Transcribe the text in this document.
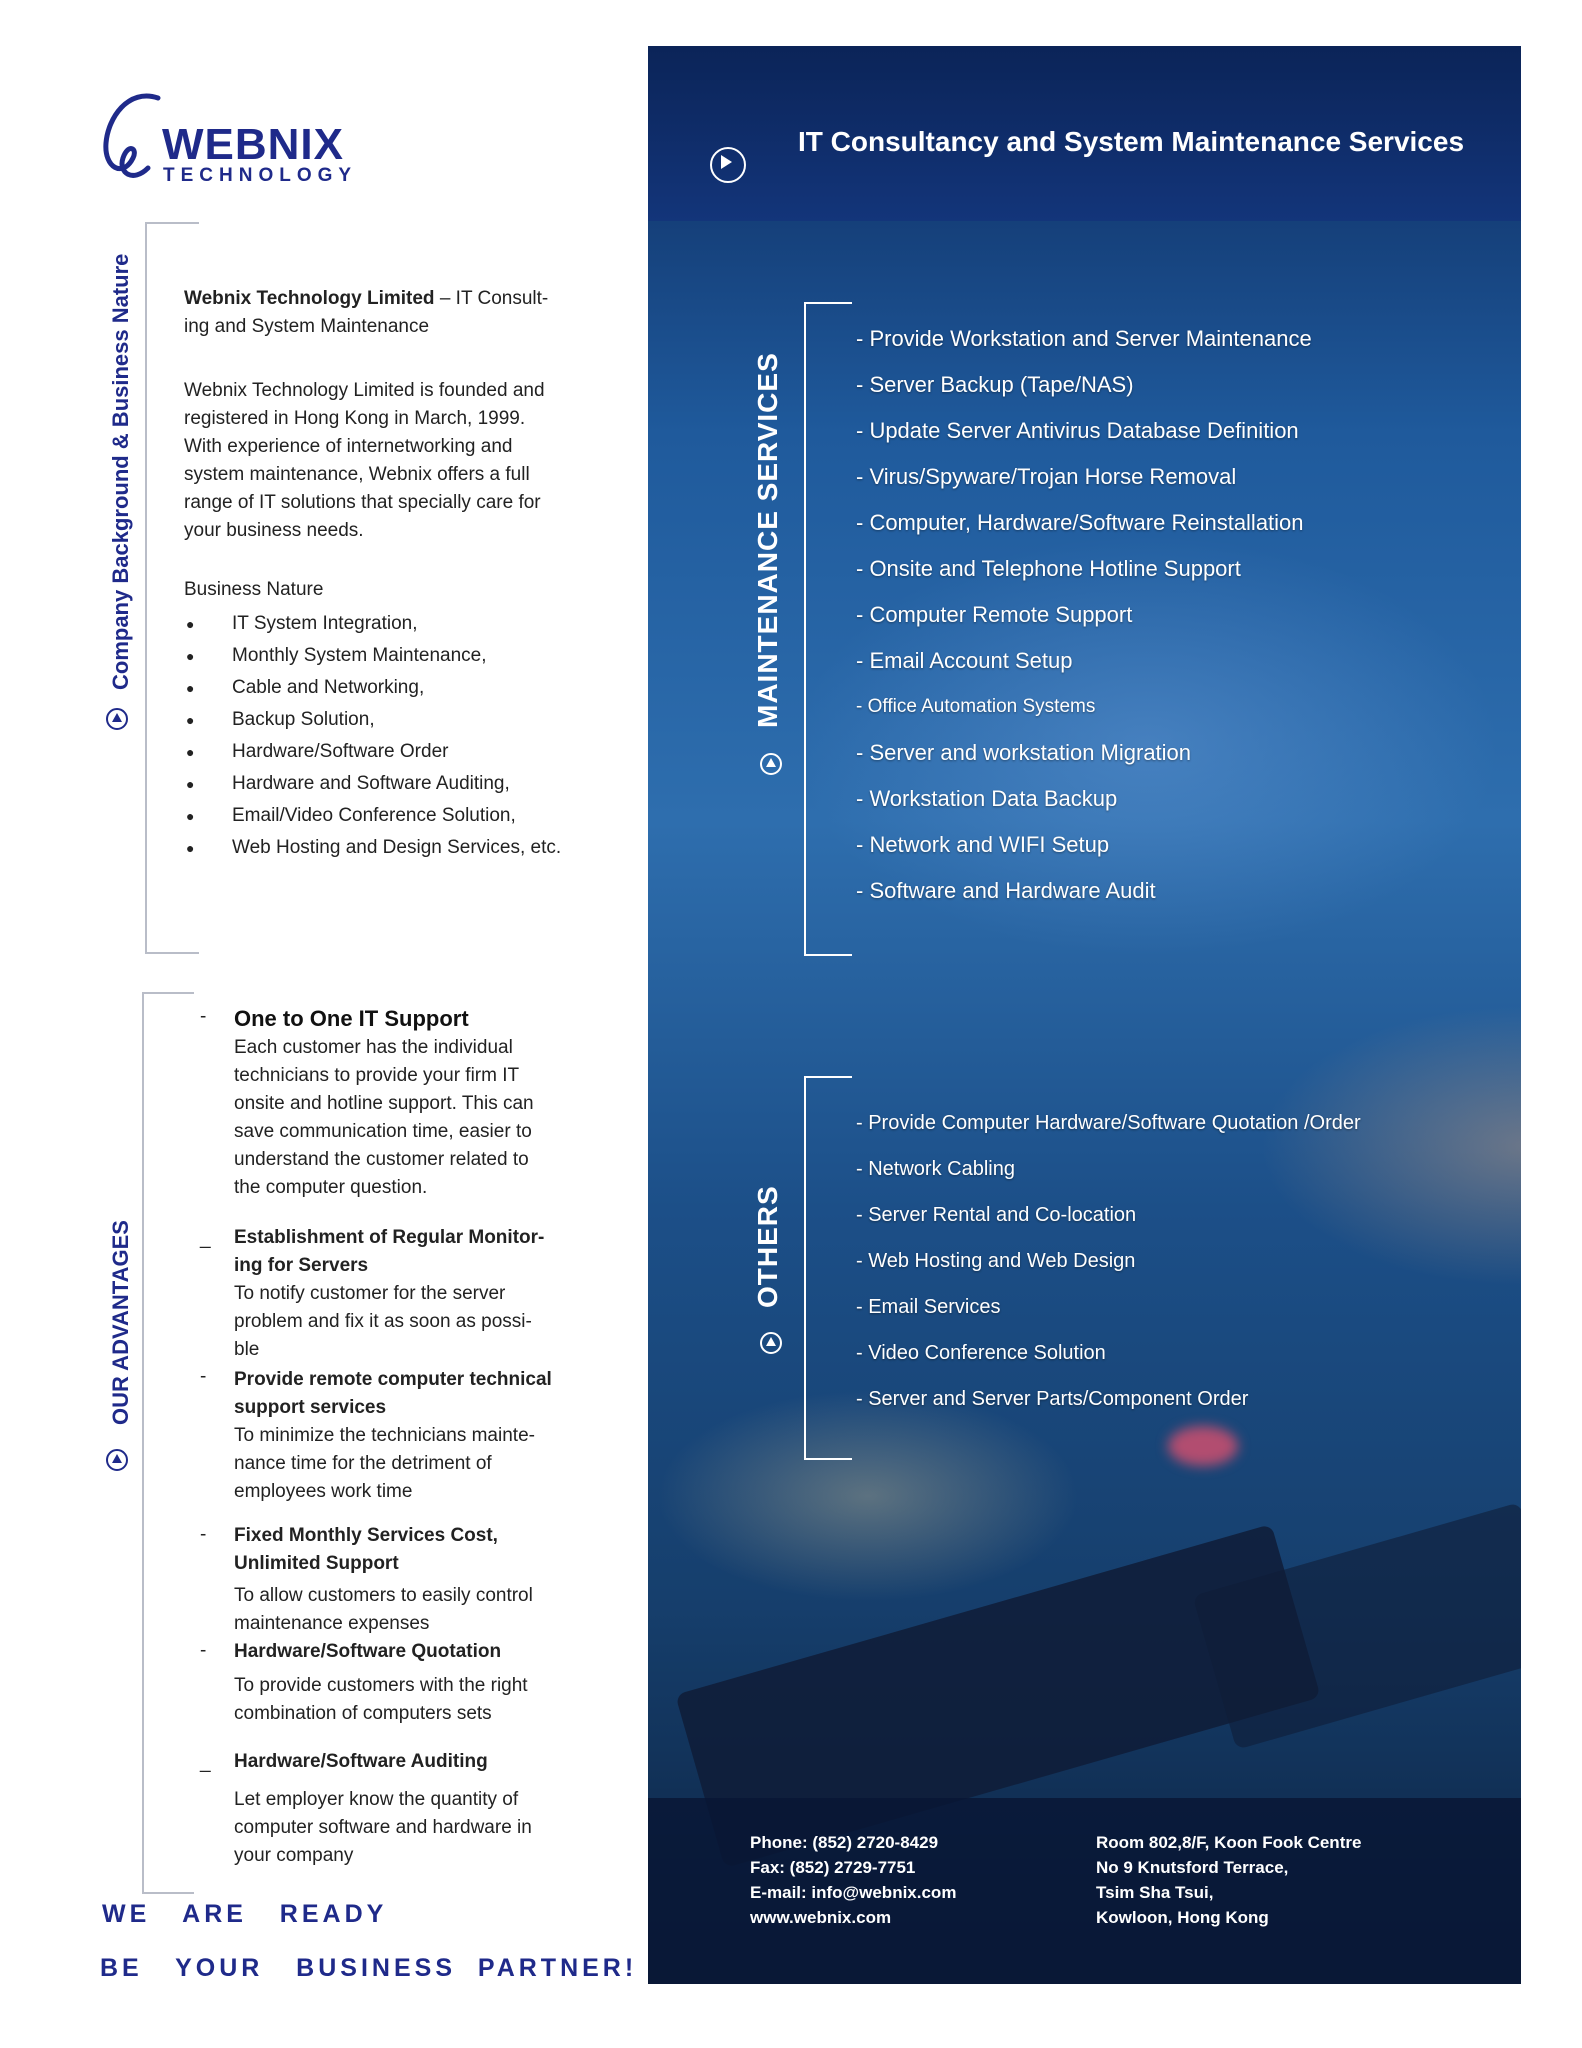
WEBNIX
TECHNOLOGY
Company Background & Business Nature	Webnix Technology Limited – IT Consult-
ing and System Maintenance
Webnix Technology Limited is founded and
registered in Hong Kong in March, 1999.
With experience of internetworking and
system maintenance, Webnix offers a full
range of IT solutions that specially care for
your business needs.
Business Nature
● IT System Integration,
● Monthly System Maintenance,
● Cable and Networking,
● Backup Solution,
● Hardware/Software Order
● Hardware and Software Auditing,
● Email/Video Conference Solution,
● Web Hosting and Design Services, etc.
OUR ADVANTAGES
- One to One IT Support
Each customer has the individual
technicians to provide your firm IT
onsite and hotline support. This can
save communication time, easier to
understand the customer related to
the computer question.
_ Establishment of Regular Monitor-
ing for Servers
To notify customer for the server
problem and fix it as soon as possi-
ble
- Provide remote computer technical
support services
To minimize the technicians mainte-
nance time for the detriment of
employees work time
- Fixed Monthly Services Cost,
Unlimited Support
To allow customers to easily control
maintenance expenses
- Hardware/Software Quotation
To provide customers with the right
combination of computers sets
_ Hardware/Software Auditing
Let employer know the quantity of
computer software and hardware in
your company
WE   ARE   READY
BE   YOUR   BUSINESS  PARTNER!
IT Consultancy and System Maintenance Services
MAINTENANCE SERVICES
- Provide Workstation and Server Maintenance
- Server Backup (Tape/NAS)
- Update Server Antivirus Database Definition
- Virus/Spyware/Trojan Horse Removal
- Computer, Hardware/Software Reinstallation
- Onsite and Telephone Hotline Support
- Computer Remote Support
- Email Account Setup
- Office Automation Systems
- Server and workstation Migration
- Workstation Data Backup
- Network and WIFI Setup
- Software and Hardware Audit
OTHERS
- Provide Computer Hardware/Software Quotation /Order
- Network Cabling
- Server Rental and Co-location
- Web Hosting and Web Design
- Email Services
- Video Conference Solution
- Server and Server Parts/Component Order
Phone: (852) 2720-8429
Fax: (852) 2729-7751
E-mail: info@webnix.com
www.webnix.com
Room 802,8/F, Koon Fook Centre
No 9 Knutsford Terrace,
Tsim Sha Tsui,
Kowloon, Hong Kong
